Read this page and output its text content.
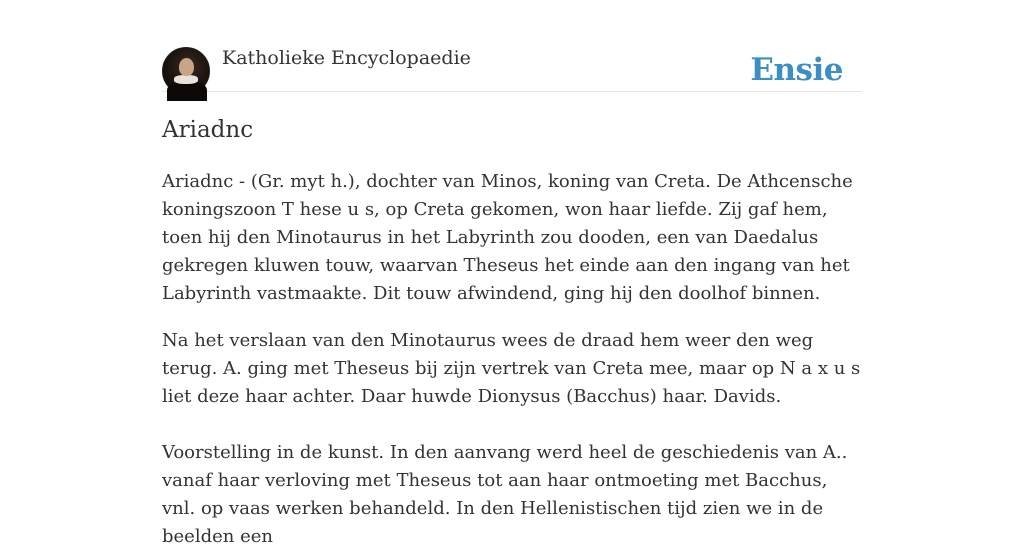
Katholieke Encyclopaedie	Ensie
Ariadnc

Ariadnc - (Gr. myt h.), dochter van Minos, koning van Creta. De Athcensche koningszoon T hese u s, op Creta gekomen, won haar liefde. Zij gaf hem, toen hij den Minotaurus in het Labyrinth zou dooden, een van Daedalus gekregen kluwen touw, waarvan Theseus het einde aan den ingang van het Labyrinth vastmaakte. Dit touw afwindend, ging hij den doolhof binnen.

Na het verslaan van den Minotaurus wees de draad hem weer den weg terug. A. ging met Theseus bij zijn vertrek van Creta mee, maar op N a x u s liet deze haar achter. Daar huwde Dionysus (Bacchus) haar. Davids.

Voorstelling in de kunst. In den aanvang werd heel de geschiedenis van A.. vanaf haar verloving met Theseus tot aan haar ontmoeting met Bacchus, vnl. op vaas werken behandeld. In den Hellenistischen tijd zien we in de beelden een
